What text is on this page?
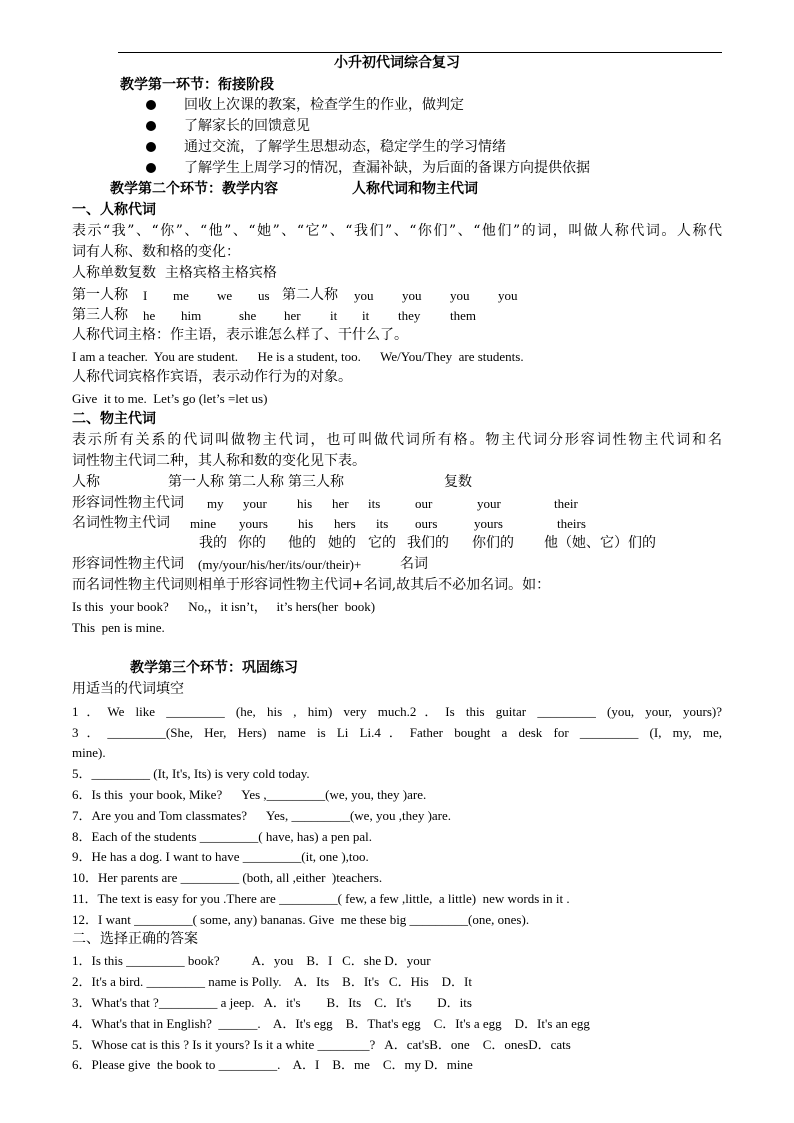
小升初代词综合复习
教学第一环节：衔接阶段
回收上次课的教案，检查学生的作业，做判定
了解家长的回馈意见
通过交流，了解学生思想动态，稳定学生的学习情绪
了解学生上周学习的情况，查漏补缺，为后面的备课方向提供依据
教学第二个环节：教学内容	人称代词和物主代词
一、人称代词
表示“我”、“你”、“他”、“她”、“它”、“我们”、“你们”、“他们”的词，叫做人称代词。人称代
词有人称、数和格的变化：
人称单数复数  主格宾格主格宾格
第一人称 I me we us 第二人称 you you you you
第三人称 he him	she her it it they them
人称代词主格：作主语，表示谁怎么样了、干什么了。
I am a teacher.  You are student.      He is a student, too.      We/You/They  are students.
人称代词宾格作宾语，表示动作行为的对象。
Give  it to me.  Let’s go (let’s =let us)
二、物主代词
表示所有关系的代词叫做物主代词，也可叫做代词所有格。物主代词分形容词性物主代词和名
词性物主代词二种，其人称和数的变化见下表。
人称	第一人称 第二人称 第三人称	复数
形容词性物主代词 my your his her its	our	your	their
名词性物主代词 mine yours his hers its ours	yours	theirs
我的 你的 他的 她的 它的 我们的 你们的 他（她、它）们的
形容词性物主代词 (my/your/his/her/its/our/their)+	名词
而名词性物主代词则相单于形容词性物主代词+名词,故其后不必加名词。如：
Is this  your book?      No,，it isn’t，   it’s hers(her  book)
This  pen is mine.
教学第三个环节：巩固练习
用适当的代词填空
1．We like _________ (he, his , him) very much.2．Is this guitar _________ (you, your, yours)?
3．_________(She, Her, Hers) name is Li Li.4．Father bought a desk for _________ (I, my, me,
mine).
5．_________ (It, It's, Its) is very cold today.
6．Is this  your book, Mike?      Yes ,_________(we, you, they )are.
7．Are you and Tom classmates?      Yes, _________(we, you ,they )are.
8．Each of the students _________( have, has) a pen pal.
9．He has a dog. I want to have _________(it, one ),too.
10．Her parents are _________ (both, all ,either  )teachers.
11．The text is easy for you .There are _________( few, a few ,little,  a little)  new words in it .
12．I want _________( some, any) bananas. Give  me these big _________(one, ones).
二、选择正确的答案
1．Is this _________ book?          A．you    B．I   C．she D．your
2．It's a bird. _________ name is Polly.    A．Its    B．It's   C．His    D．It
3．What's that ?_________ a jeep.   A．it's        B．Its    C．It's        D．its
4．What's that in English?  ______.    A．It's egg    B．That's egg    C．It's a egg    D．It's an egg
5．Whose cat is this ? Is it yours? Is it a white ________?   A．cat'sB．one    C．onesD．cats
6．Please give  the book to _________.    A．I    B．me    C．my D．mine
